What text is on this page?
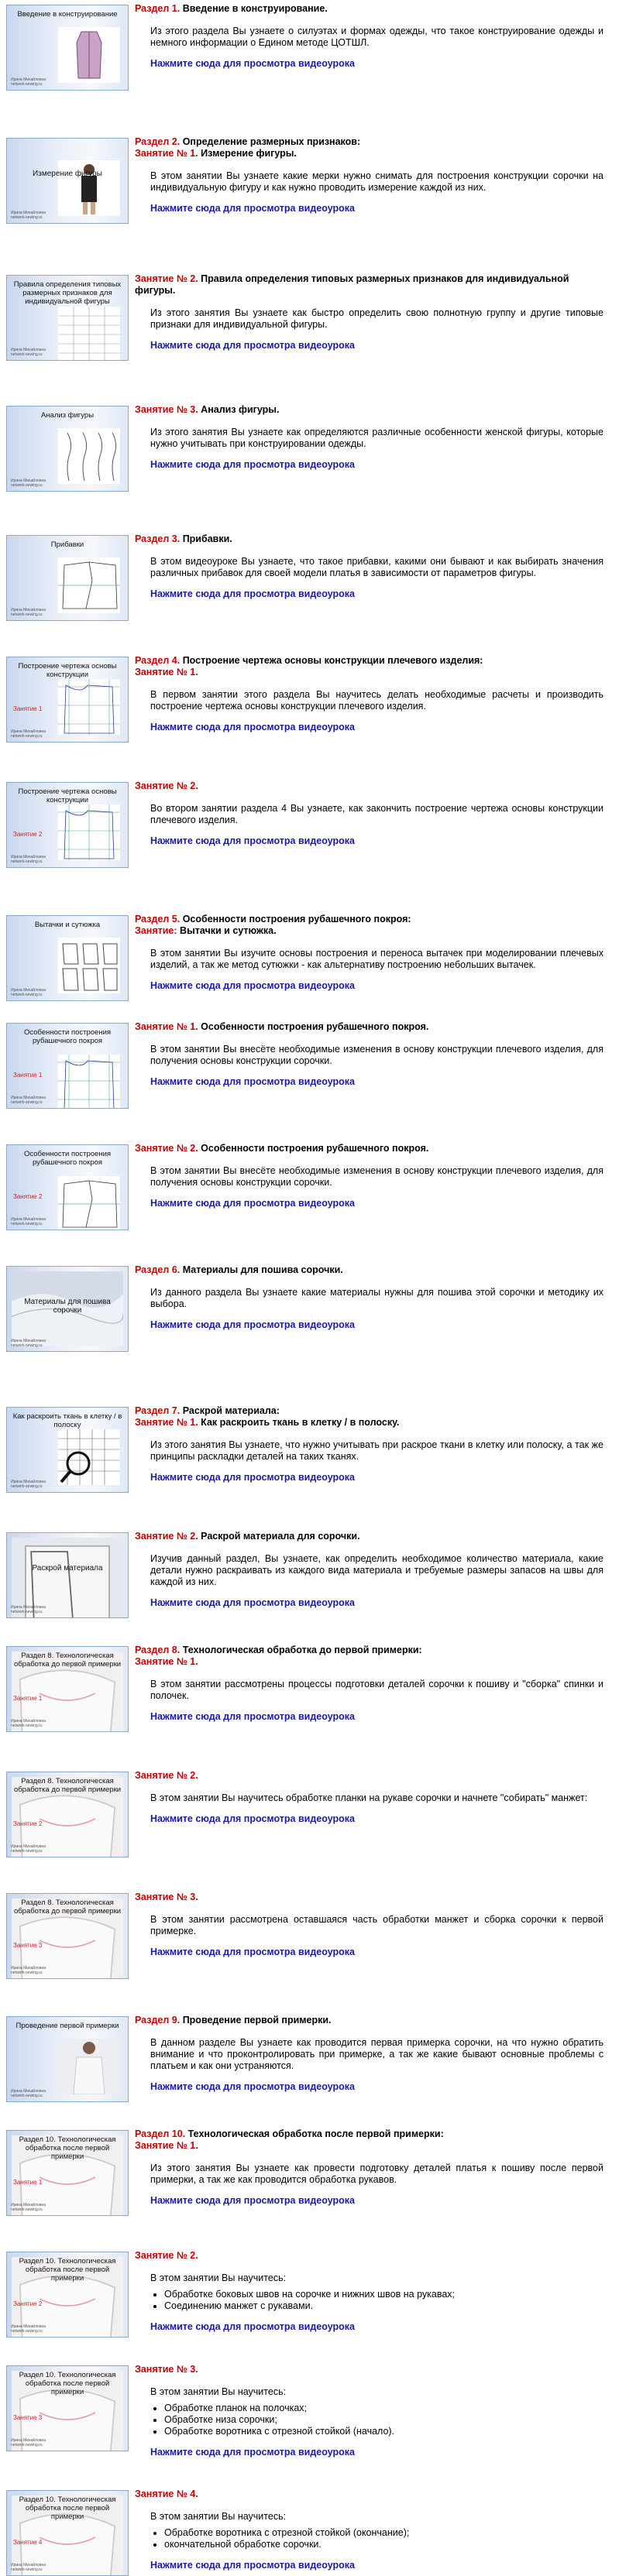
Введение в конструирование
Ирина Михайловна
network-sewing.ru
Раздел 1. Введение в конструирование.
Из этого раздела Вы узнаете о силуэтах и формах одежды, что такое конструирование одежды и немного информации о Едином методе ЦОТШЛ.
Нажмите сюда для просмотра видеоурока
Измерение фигуры
Ирина Михайловна
network-sewing.ru
Раздел 2. Определение размерных признаков:
Занятие № 1. Измерение фигуры.
В этом занятии Вы узнаете какие мерки нужно снимать для построения конструкции сорочки на индивидуальную фигуру и как нужно проводить измерение каждой из них.
Нажмите сюда для просмотра видеоурока
Правила определения типовых размерных признаков для индивидуальной фигуры
Ирина Михайловна
network-sewing.ru
Занятие № 2. Правила определения типовых размерных признаков для индивидуальной фигуры.
Из этого занятия Вы узнаете как быстро определить свою полнотную группу и другие типовые признаки для индивидуальной фигуры.
Нажмите сюда для просмотра видеоурока
Анализ фигуры
Ирина Михайловна
network-sewing.ru
Занятие № 3. Анализ фигуры.
Из этого занятия Вы узнаете как определяются различные особенности женской фигуры, которые нужно учитывать при конструировании одежды.
Нажмите сюда для просмотра видеоурока
Прибавки
Ирина Михайловна
network-sewing.ru
Раздел 3. Прибавки.
В этом видеоуроке Вы узнаете, что такое прибавки, какими они бывают и как выбирать значения различных прибавок для своей модели платья в зависимости от параметров фигуры.
Нажмите сюда для просмотра видеоурока
Построение чертежа основы конструкции
Занятие 1
Ирина Михайловна
network-sewing.ru
Раздел 4. Построение чертежа основы конструкции плечевого изделия:
Занятие № 1.
В первом занятии этого раздела Вы научитесь делать необходимые расчеты и производить построение чертежа основы конструкции плечевого изделия.
Нажмите сюда для просмотра видеоурока
Построение чертежа основы конструкции
Занятие 2
Ирина Михайловна
network-sewing.ru
Занятие № 2.
Во втором занятии раздела 4 Вы узнаете, как закончить построение чертежа основы конструкции плечевого изделия.
Нажмите сюда для просмотра видеоурока
Вытачки и сутюжка
Ирина Михайловна
network-sewing.ru
Раздел 5. Особенности построения рубашечного покроя:
Занятие: Вытачки и сутюжка.
В этом занятии Вы изучите основы построения и переноса вытачек при моделировании плечевых изделий, а так же метод сутюжки - как альтернативу построению небольших вытачек.
Нажмите сюда для просмотра видеоурока
Особенности построения рубашечного покроя
Занятие 1
Ирина Михайловна
network-sewing.ru
Занятие № 1. Особенности построения рубашечного покроя.
В этом занятии Вы внесёте необходимые изменения в основу конструкции плечевого изделия, для получения основы конструкции сорочки.
Нажмите сюда для просмотра видеоурока
Особенности построения рубашечного покроя
Занятие 2
Ирина Михайловна
network-sewing.ru
Занятие № 2. Особенности построения рубашечного покроя.
В этом занятии Вы внесёте необходимые изменения в основу конструкции плечевого изделия, для получения основы конструкции сорочки.
Нажмите сюда для просмотра видеоурока
Материалы для пошива сорочки
Ирина Михайловна
network-sewing.ru
Раздел 6. Материалы для пошива сорочки.
Из данного раздела Вы узнаете какие материалы нужны для пошива этой сорочки и методику их выбора.
Нажмите сюда для просмотра видеоурока
Как раскроить ткань в клетку / в полоску
Ирина Михайловна
network-sewing.ru
Раздел 7. Раскрой материала:
Занятие № 1. Как раскроить ткань в клетку / в полоску.
Из этого занятия Вы узнаете, что нужно учитывать при раскрое ткани в клетку или полоску, а так же принципы раскладки деталей на таких тканях.
Нажмите сюда для просмотра видеоурока
Раскрой материала
Ирина Михайловна
network-sewing.ru
Занятие № 2. Раскрой материала для сорочки.
Изучив данный раздел, Вы узнаете, как определить необходимое количество материала, какие детали нужно раскраивать из каждого вида материала и требуемые размеры запасов на швы для каждой из них.
Нажмите сюда для просмотра видеоурока
Раздел 8. Технологическая обработка до первой примерки
Занятие 1
Ирина Михайловна
network-sewing.ru
Раздел 8. Технологическая обработка до первой примерки:
Занятие № 1.
В этом занятии рассмотрены процессы подготовки деталей сорочки к пошиву и "сборка" спинки и полочек.
Нажмите сюда для просмотра видеоурока
Раздел 8. Технологическая обработка до первой примерки
Занятие 2
Ирина Михайловна
network-sewing.ru
Занятие № 2.
В этом занятии Вы научитесь обработке планки на рукаве сорочки и начнете "собирать" манжет:
Нажмите сюда для просмотра видеоурока
Раздел 8. Технологическая обработка до первой примерки
Занятие 3
Ирина Михайловна
network-sewing.ru
Занятие № 3.
В этом занятии рассмотрена оставшаяся часть обработки манжет и сборка сорочки к первой примерке.
Нажмите сюда для просмотра видеоурока
Проведение первой примерки
Ирина Михайловна
network-sewing.ru
Раздел 9. Проведение первой примерки.
В данном разделе Вы узнаете как проводится первая примерка сорочки, на что нужно обратить внимание и что проконтролировать при примерке, а так же какие бывают основные проблемы с платьем и как они устраняются.
Нажмите сюда для просмотра видеоурока
Раздел 10. Технологическая обработка после первой примерки
Занятие 1
Ирина Михайловна
network-sewing.ru
Раздел 10. Технологическая обработка после первой примерки:
Занятие № 1.
Из этого занятия Вы узнаете как провести подготовку деталей платья к пошиву после первой примерки, а так же как проводится обработка рукавов.
Нажмите сюда для просмотра видеоурока
Раздел 10. Технологическая обработка после первой примерки
Занятие 2
Ирина Михайловна
network-sewing.ru
Занятие № 2.
В этом занятии Вы научитесь:
• Обработке боковых швов на сорочке и нижних швов на рукавах;
• Соединению манжет с рукавами.
Нажмите сюда для просмотра видеоурока
Раздел 10. Технологическая обработка после первой примерки
Занятие 3
Ирина Михайловна
network-sewing.ru
Занятие № 3.
В этом занятии Вы научитесь:
• Обработке планок на полочках;
• Обработке низа сорочки;
• Обработке воротника с отрезной стойкой (начало).
Нажмите сюда для просмотра видеоурока
Раздел 10. Технологическая обработка после первой примерки
Занятие 4
Ирина Михайловна
network-sewing.ru
Занятие № 4.
В этом занятии Вы научитесь:
• Обработке воротника с отрезной стойкой (окончание);
• окончательной обработке сорочки.
Нажмите сюда для просмотра видеоурока
